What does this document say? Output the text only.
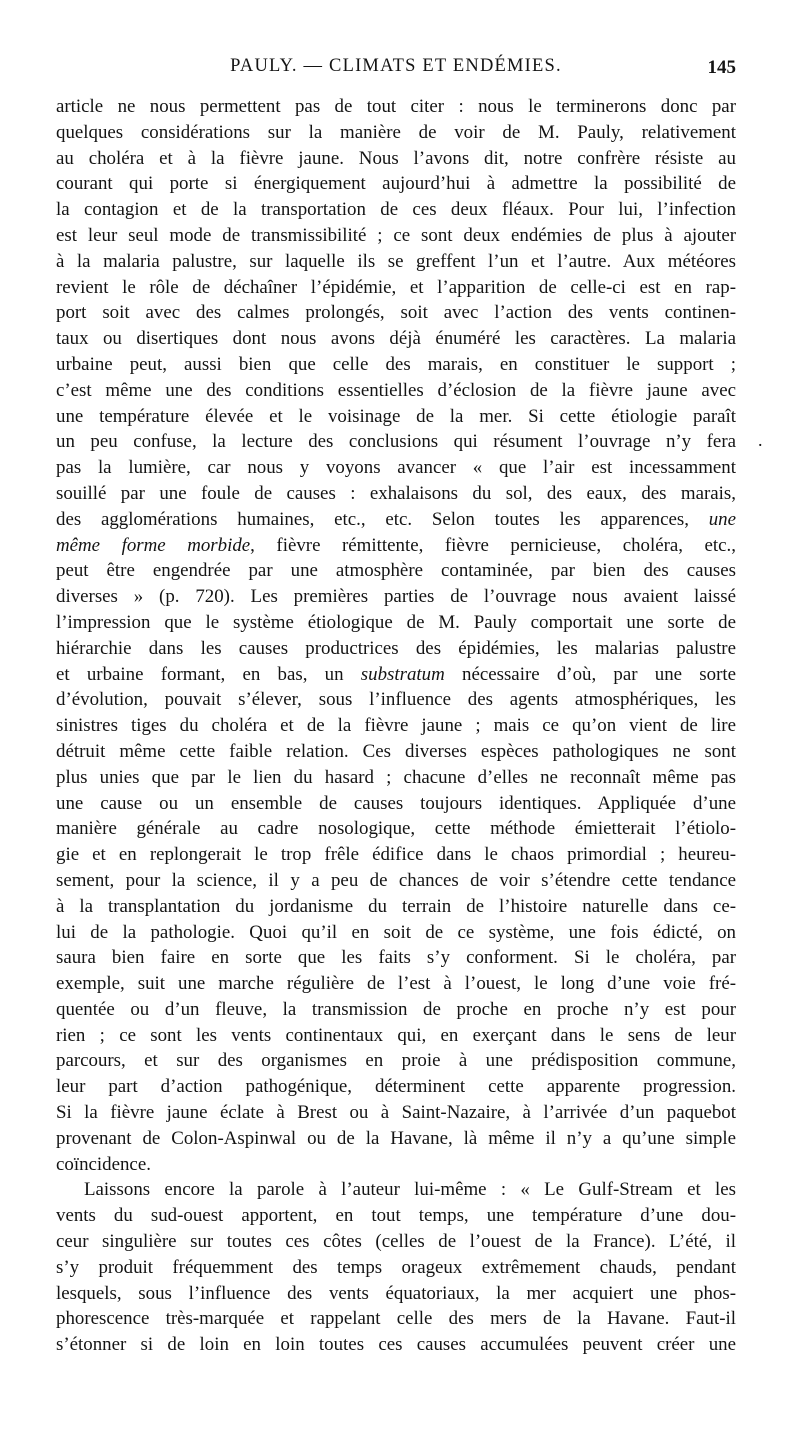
PAULY. — CLIMATS ET ENDÉMIES.	145
article ne nous permettent pas de tout citer : nous le terminerons donc par
quelques considérations sur la manière de voir de M. Pauly, relativement
au choléra et à la fièvre jaune. Nous l’avons dit, notre confrère résiste au
courant qui porte si énergiquement aujourd’hui à admettre la possibilité de
la contagion et de la transportation de ces deux fléaux. Pour lui, l’infection
est leur seul mode de transmissibilité ; ce sont deux endémies de plus à ajouter
à la malaria palustre, sur laquelle ils se greffent l’un et l’autre. Aux météores
revient le rôle de déchaîner l’épidémie, et l’apparition de celle-ci est en rap-
port soit avec des calmes prolongés, soit avec l’action des vents continen-
taux ou disertiques dont nous avons déjà énuméré les caractères. La malaria
urbaine peut, aussi bien que celle des marais, en constituer le support ;
c’est même une des conditions essentielles d’éclosion de la fièvre jaune avec
une température élevée et le voisinage de la mer. Si cette étiologie paraît
un peu confuse, la lecture des conclusions qui résument l’ouvrage n’y fera
pas la lumière, car nous y voyons avancer « que l’air est incessamment
souillé par une foule de causes : exhalaisons du sol, des eaux, des marais,
des agglomérations humaines, etc., etc. Selon toutes les apparences, une
même forme morbide, fièvre rémittente, fièvre pernicieuse, choléra, etc.,
peut être engendrée par une atmosphère contaminée, par bien des causes
diverses » (p. 720). Les premières parties de l’ouvrage nous avaient laissé
l’impression que le système étiologique de M. Pauly comportait une sorte de
hiérarchie dans les causes productrices des épidémies, les malarias palustre
et urbaine formant, en bas, un substratum nécessaire d’où, par une sorte
d’évolution, pouvait s’élever, sous l’influence des agents atmosphériques, les
sinistres tiges du choléra et de la fièvre jaune ; mais ce qu’on vient de lire
détruit même cette faible relation. Ces diverses espèces pathologiques ne sont
plus unies que par le lien du hasard ; chacune d’elles ne reconnaît même pas
une cause ou un ensemble de causes toujours identiques. Appliquée d’une
manière générale au cadre nosologique, cette méthode émietterait l’étiolo-
gie et en replongerait le trop frêle édifice dans le chaos primordial ; heureu-
sement, pour la science, il y a peu de chances de voir s’étendre cette tendance
à la transplantation du jordanisme du terrain de l’histoire naturelle dans ce-
lui de la pathologie. Quoi qu’il en soit de ce système, une fois édicté, on
saura bien faire en sorte que les faits s’y conforment. Si le choléra, par
exemple, suit une marche régulière de l’est à l’ouest, le long d’une voie fré-
quentée ou d’un fleuve, la transmission de proche en proche n’y est pour
rien ; ce sont les vents continentaux qui, en exerçant dans le sens de leur
parcours, et sur des organismes en proie à une prédisposition commune,
leur part d’action pathogénique, déterminent cette apparente progression.
Si la fièvre jaune éclate à Brest ou à Saint-Nazaire, à l’arrivée d’un paquebot
provenant de Colon-Aspinwal ou de la Havane, là même il n’y a qu’une simple
coïncidence.
Laissons encore la parole à l’auteur lui-même : « Le Gulf-Stream et les
vents du sud-ouest apportent, en tout temps, une température d’une dou-
ceur singulière sur toutes ces côtes (celles de l’ouest de la France). L’été, il
s’y produit fréquemment des temps orageux extrêmement chauds, pendant
lesquels, sous l’influence des vents équatoriaux, la mer acquiert une phos-
phorescence très-marquée et rappelant celle des mers de la Havane. Faut-il
s’étonner si de loin en loin toutes ces causes accumulées peuvent créer une
.
